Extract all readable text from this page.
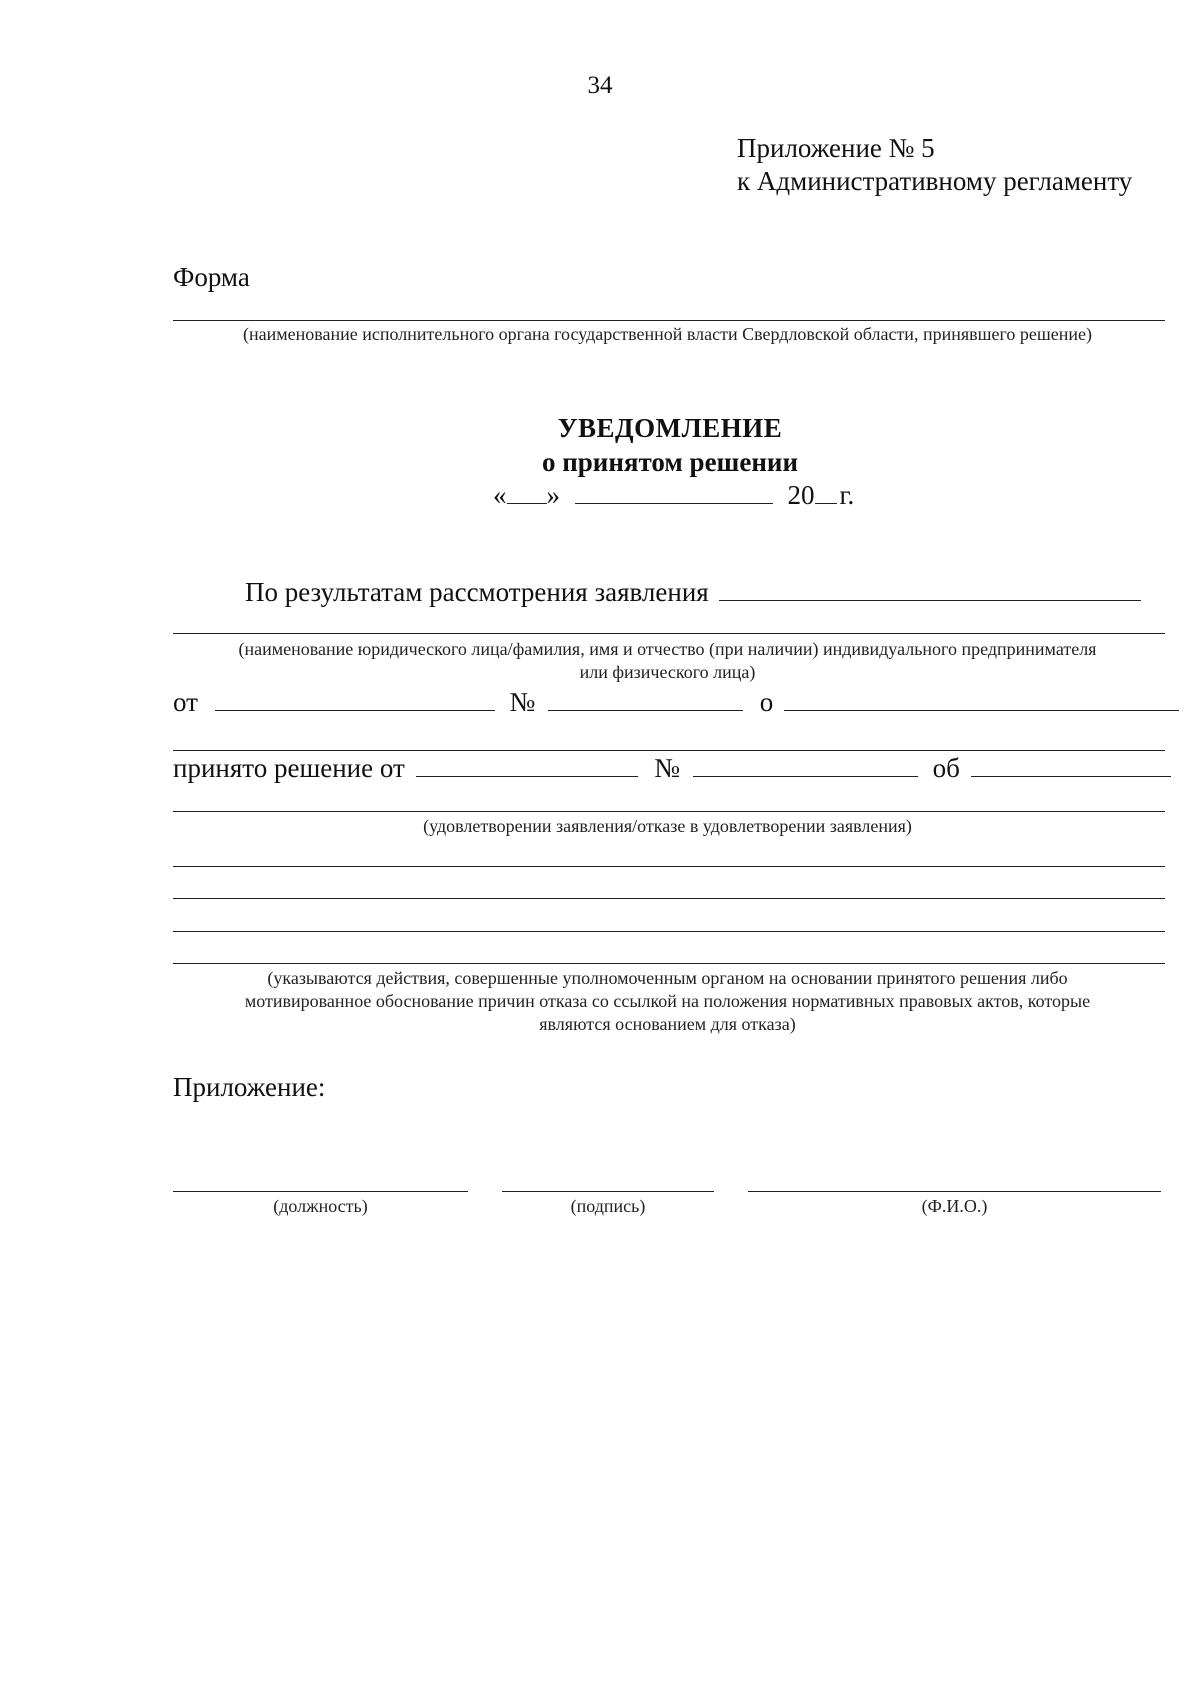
34
Приложение № 5
к Административному регламенту
Форма
(наименование исполнительного органа государственной власти Свердловской области, принявшего решение)
УВЕДОМЛЕНИЕ
о принятом решении
« »	20 г.
По результатам рассмотрения заявления
(наименование юридического лица/фамилия, имя и отчество (при наличии) индивидуального предпринимателя
или физического лица)
от	№	о
принято решение от	№	об
(удовлетворении заявления/отказе в удовлетворении заявления)
(указываются действия, совершенные уполномоченным органом на основании принятого решения либо
мотивированное обоснование причин отказа со ссылкой на положения нормативных правовых актов, которые
являются основанием для отказа)
Приложение:
(должность)	(подпись)	(Ф.И.О.)
